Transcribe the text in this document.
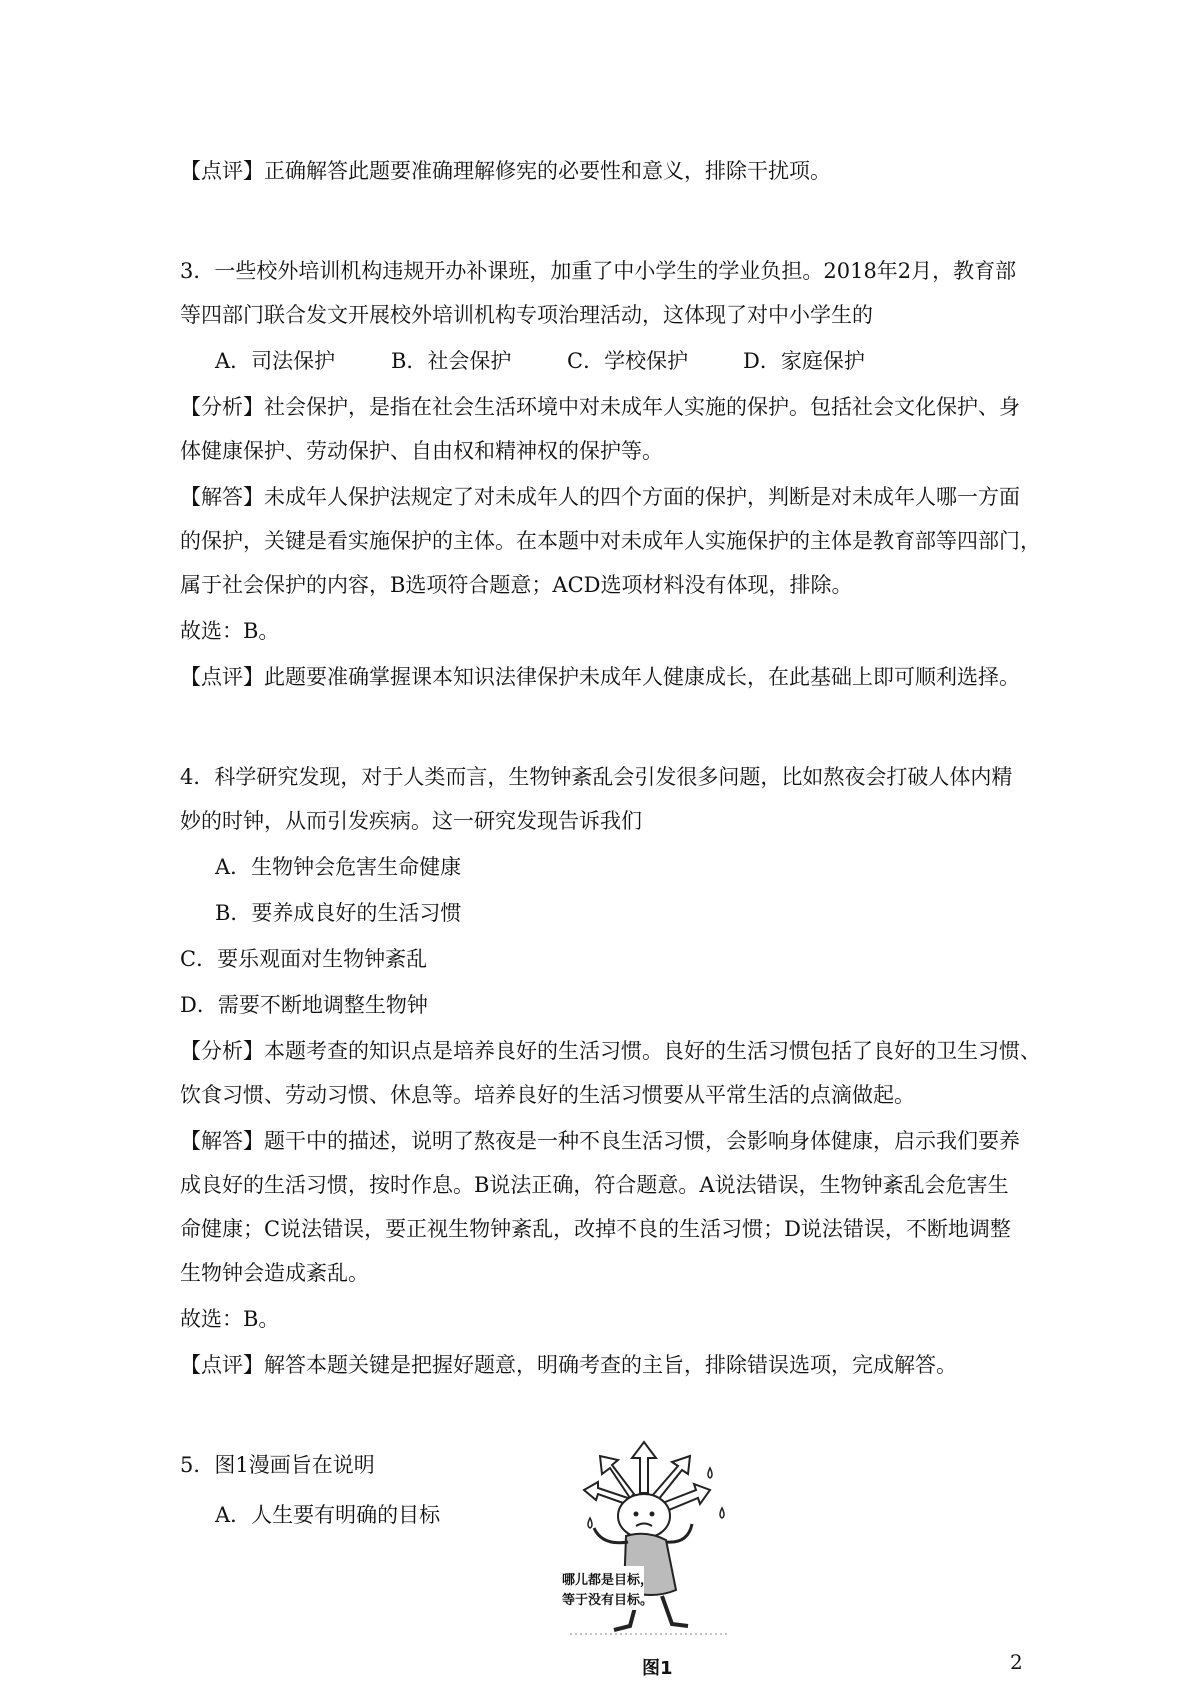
【点评】正确解答此题要准确理解修宪的必要性和意义，排除干扰项。
3．一些校外培训机构违规开办补课班，加重了中小学生的学业负担。2018年2月，教育部
等四部门联合发文开展校外培训机构专项治理活动，这体现了对中小学生的
A．司法保护	B．社会保护	C．学校保护	D．家庭保护
【分析】社会保护，是指在社会生活环境中对未成年人实施的保护。包括社会文化保护、身
体健康保护、劳动保护、自由权和精神权的保护等。
【解答】未成年人保护法规定了对未成年人的四个方面的保护，判断是对未成年人哪一方面
的保护，关键是看实施保护的主体。在本题中对未成年人实施保护的主体是教育部等四部门，
属于社会保护的内容，B选项符合题意；ACD选项材料没有体现，排除。
故选：B。
【点评】此题要准确掌握课本知识法律保护未成年人健康成长，在此基础上即可顺利选择。
4．科学研究发现，对于人类而言，生物钟紊乱会引发很多问题，比如熬夜会打破人体内精
妙的时钟，从而引发疾病。这一研究发现告诉我们
A．生物钟会危害生命健康
B．要养成良好的生活习惯
C．要乐观面对生物钟紊乱
D．需要不断地调整生物钟
【分析】本题考查的知识点是培养良好的生活习惯。良好的生活习惯包括了良好的卫生习惯、
饮食习惯、劳动习惯、休息等。培养良好的生活习惯要从平常生活的点滴做起。
【解答】题干中的描述，说明了熬夜是一种不良生活习惯，会影响身体健康，启示我们要养
成良好的生活习惯，按时作息。B说法正确，符合题意。A说法错误，生物钟紊乱会危害生
命健康；C说法错误，要正视生物钟紊乱，改掉不良的生活习惯；D说法错误，不断地调整
生物钟会造成紊乱。
故选：B。
【点评】解答本题关键是把握好题意，明确考查的主旨，排除错误选项，完成解答。
5．图1漫画旨在说明
A．人生要有明确的目标
哪儿都是目标，
等于没有目标。
图1	2
